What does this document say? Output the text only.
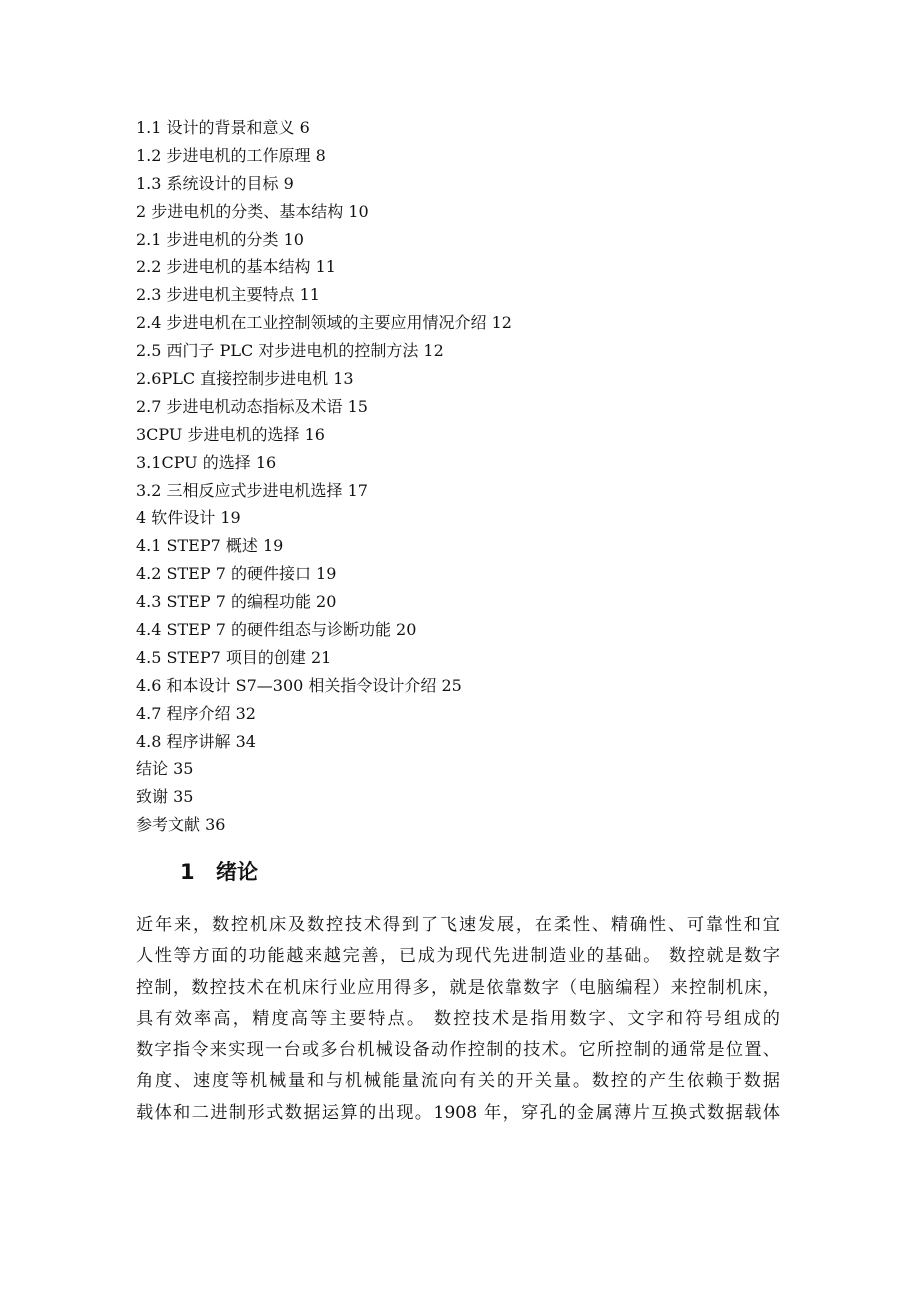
1.1 设计的背景和意义 6
1.2 步进电机的工作原理 8
1.3 系统设计的目标 9
2 步进电机的分类、基本结构 10
2.1 步进电机的分类 10
2.2 步进电机的基本结构 11
2.3 步进电机主要特点 11
2.4 步进电机在工业控制领域的主要应用情况介绍 12
2.5 西门子 PLC 对步进电机的控制方法 12
2.6PLC 直接控制步进电机 13
2.7 步进电机动态指标及术语 15
3CPU 步进电机的选择 16
3.1CPU 的选择 16
3.2 三相反应式步进电机选择 17
4 软件设计 19
4.1 STEP7 概述 19
4.2 STEP 7 的硬件接口 19
4.3 STEP 7 的编程功能 20
4.4 STEP 7 的硬件组态与诊断功能 20
4.5 STEP7 项目的创建 21
4.6 和本设计 S7—300 相关指令设计介绍 25
4.7 程序介绍 32
4.8 程序讲解 34
结论 35
致谢 35
参考文献 36
1 绪论
近年来，数控机床及数控技术得到了飞速发展，在柔性、精确性、可靠性和宜
人性等方面的功能越来越完善，已成为现代先进制造业的基础。 数控就是数字
控制，数控技术在机床行业应用得多，就是依靠数字（电脑编程）来控制机床，
具有效率高，精度高等主要特点。 数控技术是指用数字、文字和符号组成的
数字指令来实现一台或多台机械设备动作控制的技术。它所控制的通常是位置、
角度、速度等机械量和与机械能量流向有关的开关量。数控的产生依赖于数据
载体和二进制形式数据运算的出现。1908 年，穿孔的金属薄片互换式数据载体
